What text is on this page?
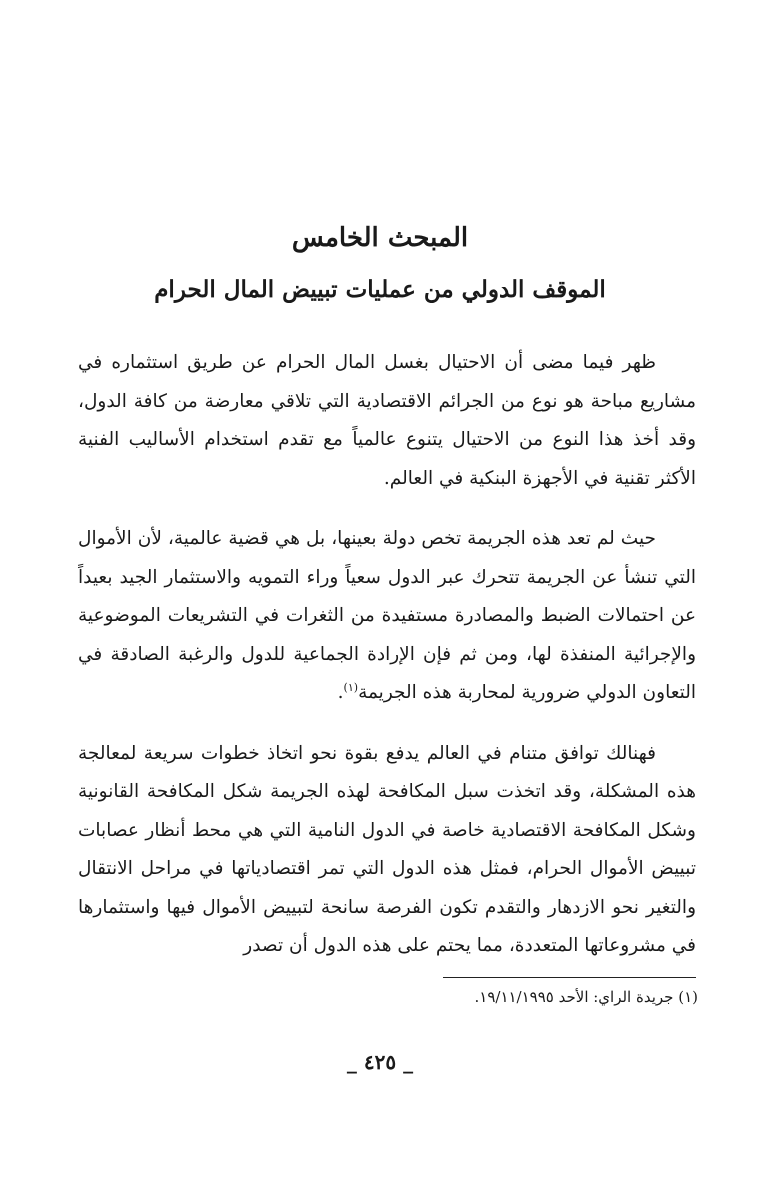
المبحث الخامس
الموقف الدولي من عمليات تبييض المال الحرام

ظهر فيما مضى أن الاحتيال بغسل المال الحرام عن طريق استثماره في مشاريع مباحة هو نوع من الجرائم الاقتصادية التي تلاقي معارضة من كافة الدول، وقد أخذ هذا النوع من الاحتيال يتنوع عالمياً مع تقدم استخدام الأساليب الفنية الأكثر تقنية في الأجهزة البنكية في العالم.

حيث لم تعد هذه الجريمة تخص دولة بعينها، بل هي قضية عالمية، لأن الأموال التي تنشأ عن الجريمة تتحرك عبر الدول سعياً وراء التمويه والاستثمار الجيد بعيداً عن احتمالات الضبط والمصادرة مستفيدة من الثغرات في التشريعات الموضوعية والإجرائية المنفذة لها، ومن ثم فإن الإرادة الجماعية للدول والرغبة الصادقة في التعاون الدولي ضرورية لمحاربة هذه الجريمة$^{(١)}$.

فهنالك توافق متنام في العالم يدفع بقوة نحو اتخاذ خطوات سريعة لمعالجة هذه المشكلة، وقد اتخذت سبل المكافحة لهذه الجريمة شكل المكافحة القانونية وشكل المكافحة الاقتصادية خاصة في الدول النامية التي هي محط أنظار عصابات تبييض الأموال الحرام، فمثل هذه الدول التي تمر اقتصادياتها في مراحل الانتقال والتغير نحو الازدهار والتقدم تكون الفرصة سانحة لتبييض الأموال فيها واستثمارها في مشروعاتها المتعددة، مما يحتم على هذه الدول أن تصدر

(١) جريدة الراي: الأحد ١٩/١١/١٩٩٥.
_ ٤٢٥ _
